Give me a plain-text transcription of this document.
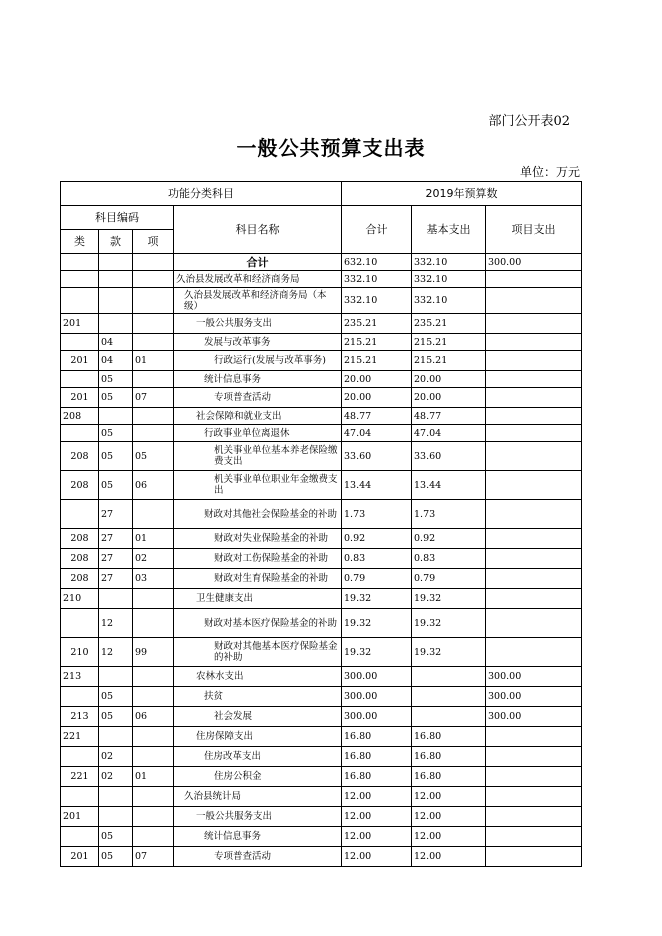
部门公开表02
一般公共预算支出表
单位：万元
功能分类科目				2019年预算数		
科目编码			科目名称	合计	基本支出	项目支出
类	款	项				
			合计	632.10	332.10	300.00
			久治县发展改革和经济商务局	332.10	332.10	
			久治县发展改革和经济商务局（本级）	332.10	332.10	
201			一般公共服务支出	235.21	235.21	
	04		发展与改革事务	215.21	215.21	
201	04	01	行政运行(发展与改革事务)	215.21	215.21	
	05		统计信息事务	20.00	20.00	
201	05	07	专项普查活动	20.00	20.00	
208			社会保障和就业支出	48.77	48.77	
	05		行政事业单位离退休	47.04	47.04	
208	05	05	机关事业单位基本养老保险缴费支出	33.60	33.60	
208	05	06	机关事业单位职业年金缴费支出	13.44	13.44	
	27		财政对其他社会保险基金的补助	1.73	1.73	
208	27	01	财政对失业保险基金的补助	0.92	0.92	
208	27	02	财政对工伤保险基金的补助	0.83	0.83	
208	27	03	财政对生育保险基金的补助	0.79	0.79	
210			卫生健康支出	19.32	19.32	
	12		财政对基本医疗保险基金的补助	19.32	19.32	
210	12	99	财政对其他基本医疗保险基金的补助	19.32	19.32	
213			农林水支出	300.00		300.00
	05		扶贫	300.00		300.00
213	05	06	社会发展	300.00		300.00
221			住房保障支出	16.80	16.80	
	02		住房改革支出	16.80	16.80	
221	02	01	住房公积金	16.80	16.80	
			久治县统计局	12.00	12.00	
201			一般公共服务支出	12.00	12.00	
	05		统计信息事务	12.00	12.00	
201	05	07	专项普查活动	12.00	12.00	
